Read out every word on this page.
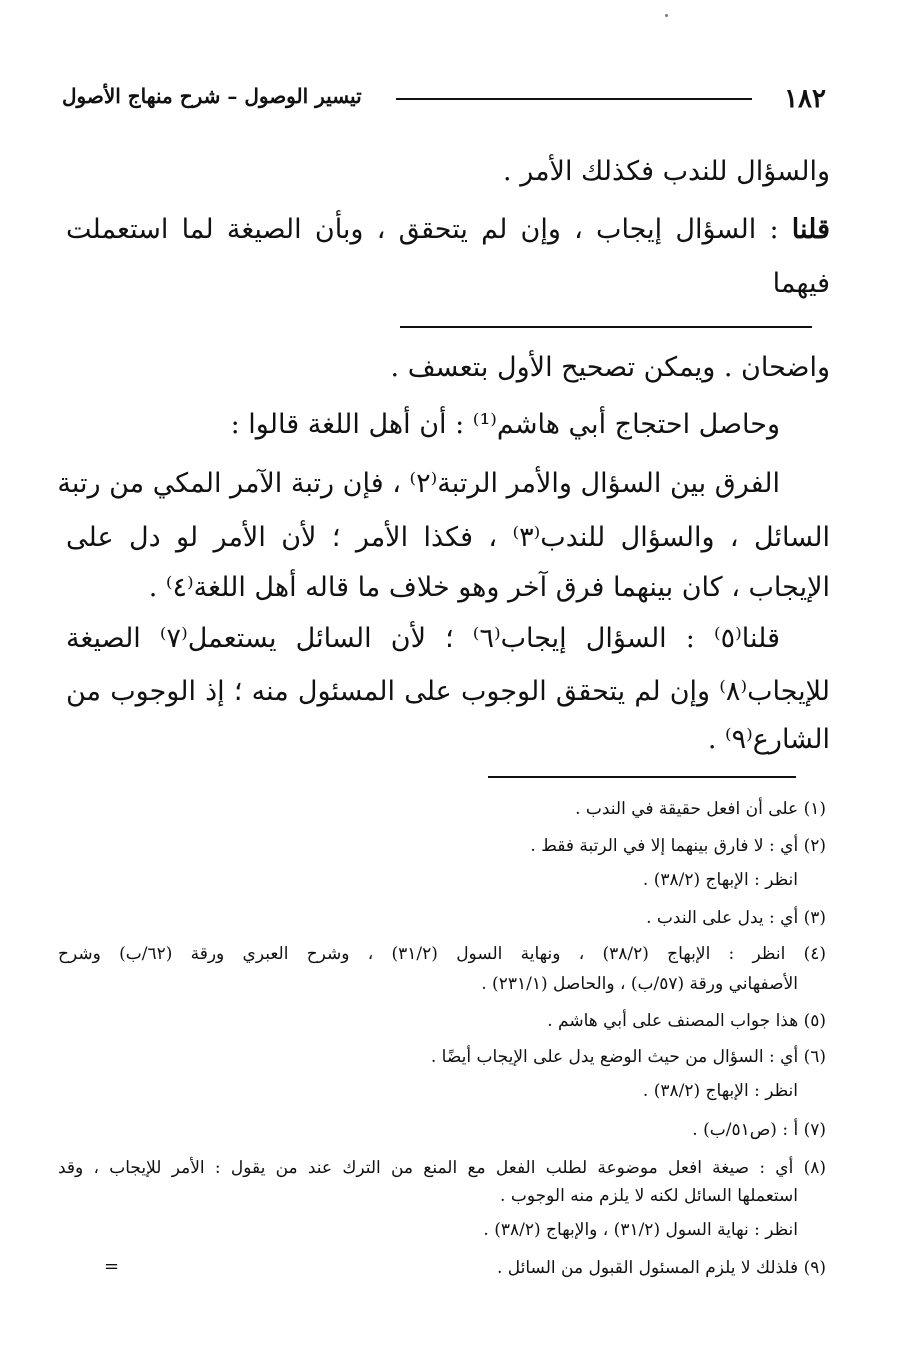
١٨٢
تيسير الوصول – شرح منهاج الأصول
والسؤال للندب فكذلك الأمر .
قلنا : السؤال إيجاب ، وإن لم يتحقق ، وبأن الصيغة لما استعملت
فيهما
واضحان . ويمكن تصحيح الأول بتعسف .
وحاصل احتجاج أبي هاشم⁽¹⁾ : أن أهل اللغة قالوا :
الفرق بين السؤال والأمر الرتبة⁽٢⁾ ، فإن رتبة الآمر المكي من رتبة
السائل ، والسؤال للندب⁽٣⁾ ، فكذا الأمر ؛ لأن الأمر لو دل على
الإيجاب ، كان بينهما فرق آخر وهو خلاف ما قاله أهل اللغة⁽٤⁾ .
قلنا⁽٥⁾ : السؤال إيجاب⁽٦⁾ ؛ لأن السائل يستعمل⁽٧⁾ الصيغة
للإيجاب⁽٨⁾ وإن لم يتحقق الوجوب على المسئول منه ؛ إذ الوجوب من
الشارع⁽٩⁾ .
(١) على أن افعل حقيقة في الندب .
(٢) أي : لا فارق بينهما إلا في الرتبة فقط .
انظر : الإبهاج (٣٨/٢) .
(٣) أي : يدل على الندب .
(٤) انظر : الإبهاج (٣٨/٢) ، ونهاية السول (٣١/٢) ، وشرح العبري ورقة (٦٢/ب) وشرح
الأصفهاني ورقة (٥٧/ب) ، والحاصل (٢٣١/١) .
(٥) هذا جواب المصنف على أبي هاشم .
(٦) أي : السؤال من حيث الوضع يدل على الإيجاب أيضًا .
انظر : الإبهاج (٣٨/٢) .
(٧) أ : (ص٥١/ب) .
(٨) أي : صيغة افعل موضوعة لطلب الفعل مع المنع من الترك عند من يقول : الأمر للإيجاب ، وقد
استعملها السائل لكنه لا يلزم منه الوجوب .
انظر : نهاية السول (٣١/٢) ، والإبهاج (٣٨/٢) .
(٩) فلذلك لا يلزم المسئول القبول من السائل .
=
